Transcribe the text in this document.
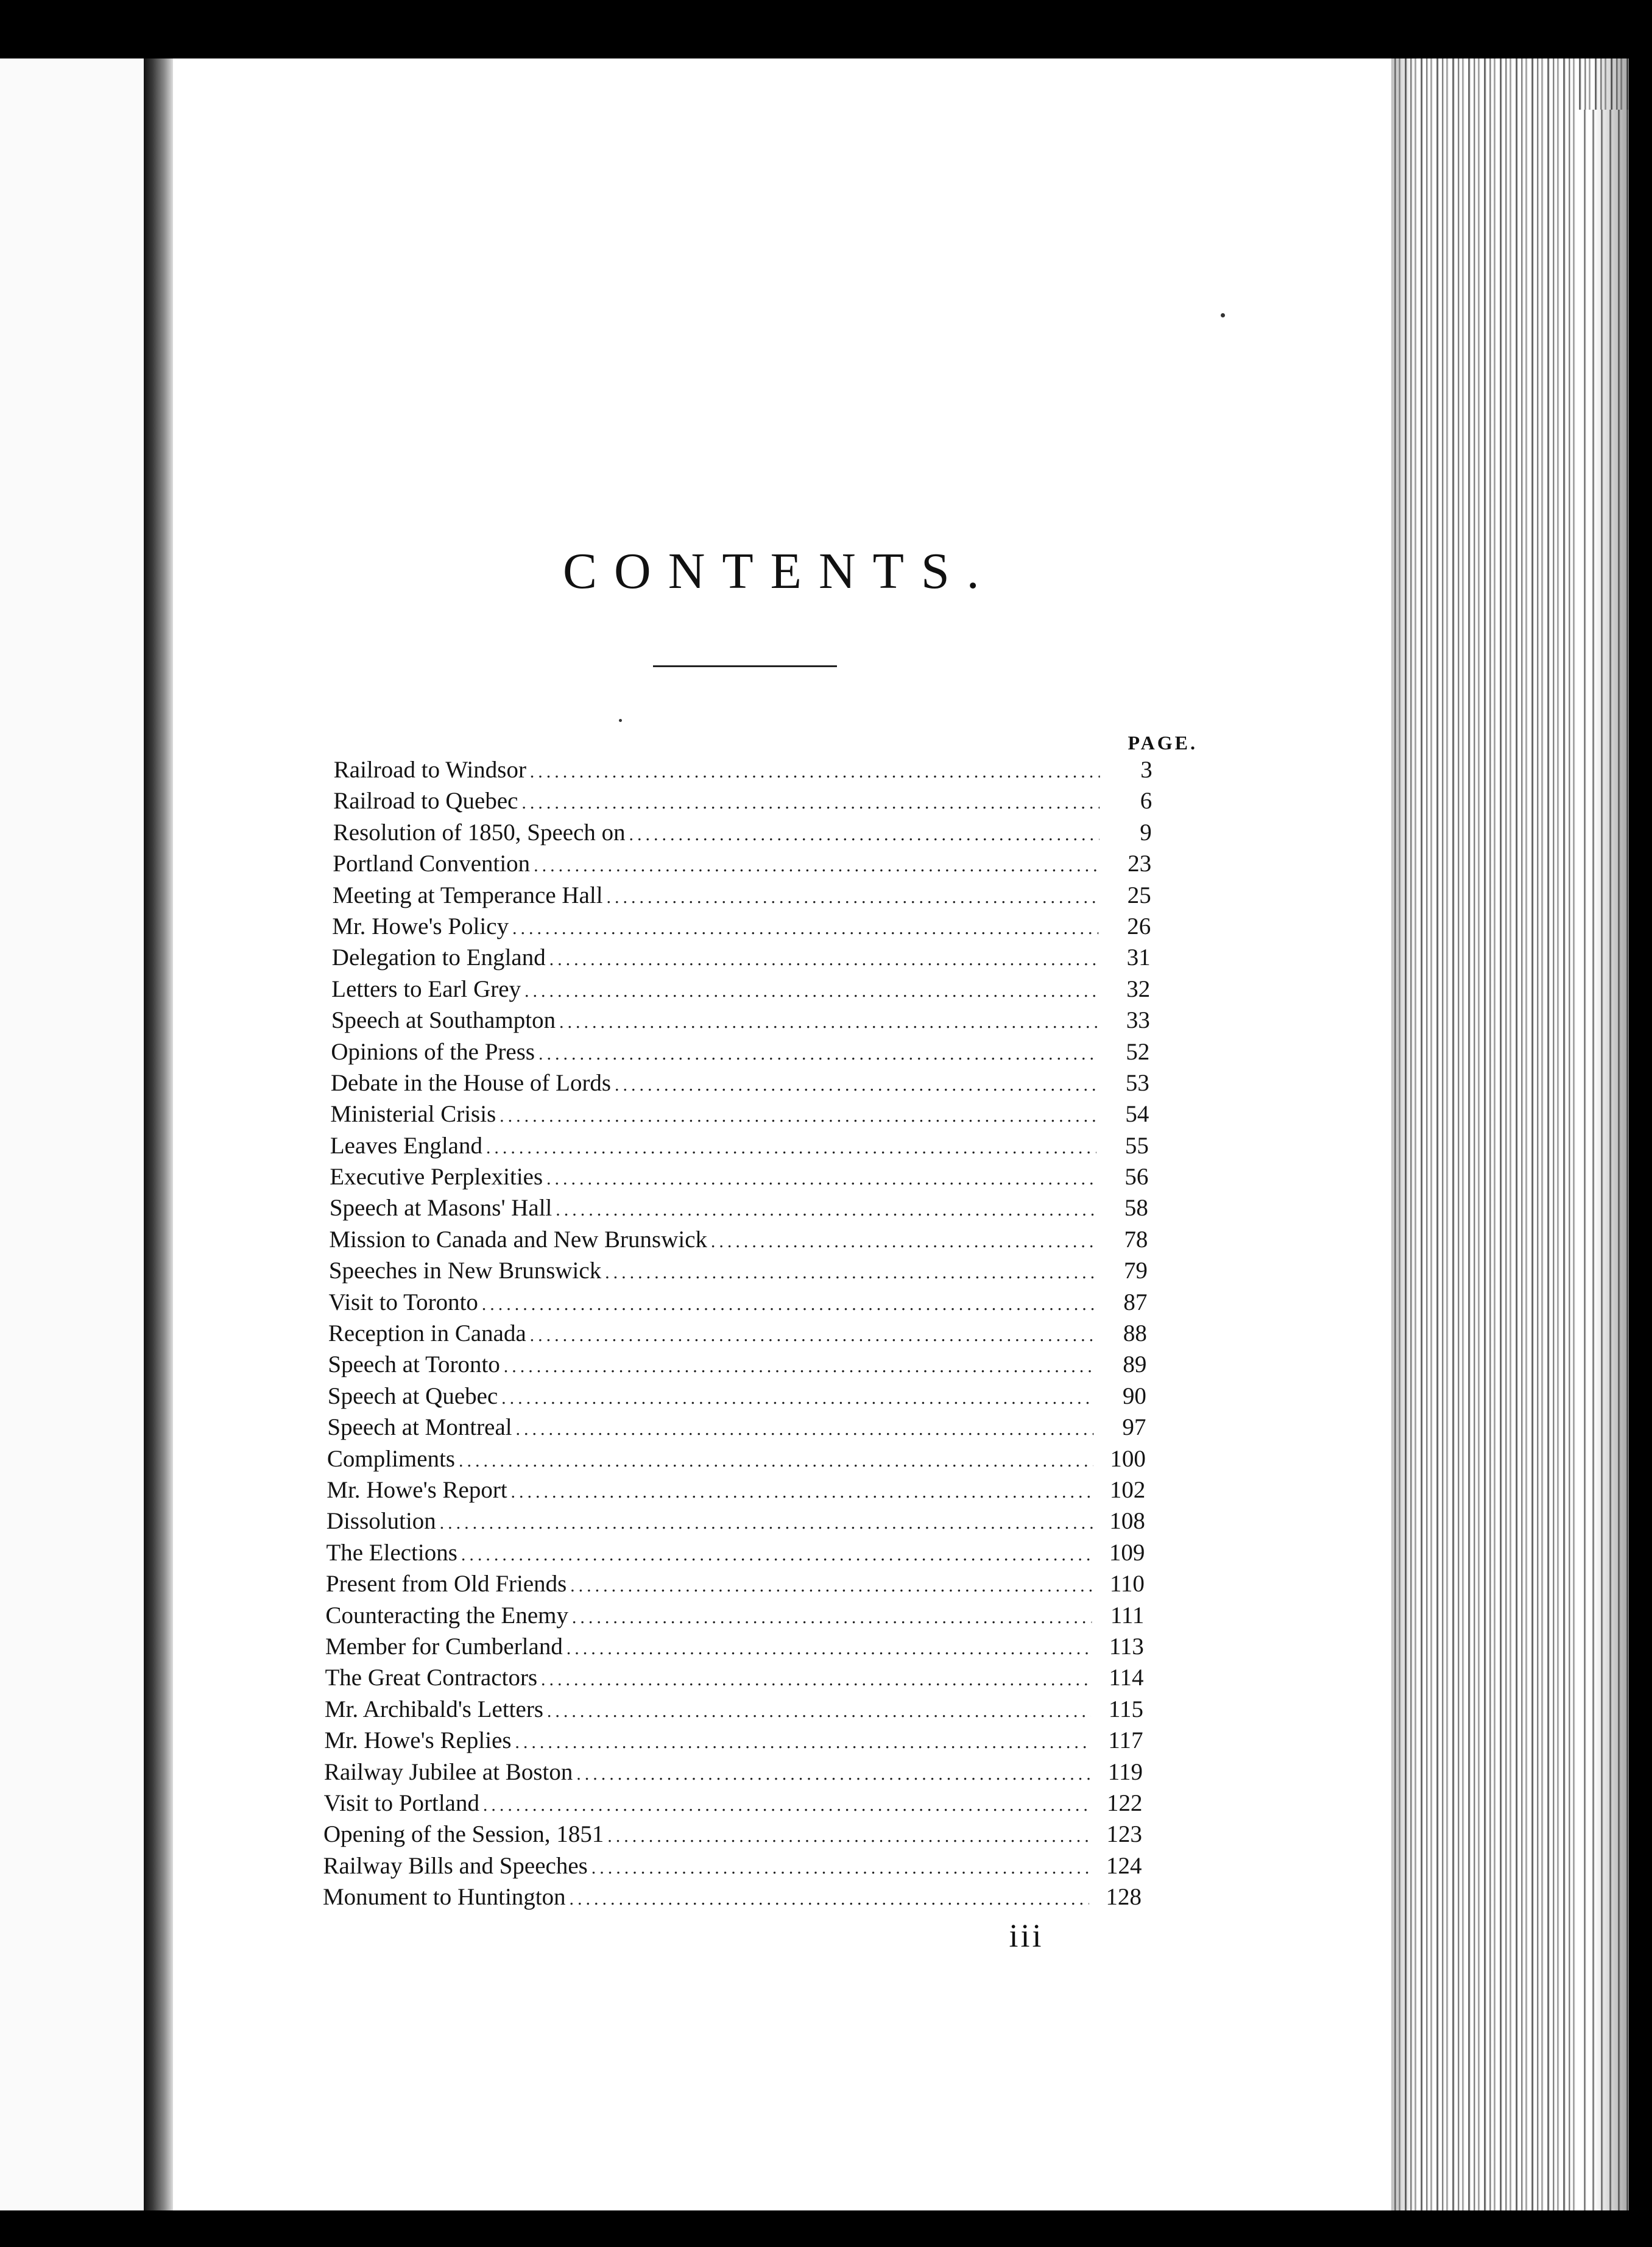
CONTENTS.
PAGE.
Railroad to Windsor .....	3
Railroad to Quebec .....	6
Resolution of 1850, Speech on .....	9
Portland Convention .....	23
Meeting at Temperance Hall .....	25
Mr. Howe's Policy .....	26
Delegation to England .....	31
Letters to Earl Grey .....	32
Speech at Southampton .....	33
Opinions of the Press .....	52
Debate in the House of Lords .....	53
Ministerial Crisis .....	54
Leaves England .....	55
Executive Perplexities .....	56
Speech at Masons' Hall .....	58
Mission to Canada and New Brunswick .....	78
Speeches in New Brunswick .....	79
Visit to Toronto .....	87
Reception in Canada .....	88
Speech at Toronto .....	89
Speech at Quebec .....	90
Speech at Montreal .....	97
Compliments .....	100
Mr. Howe's Report .....	102
Dissolution .....	108
The Elections .....	109
Present from Old Friends .....	110
Counteracting the Enemy .....	111
Member for Cumberland .....	113
The Great Contractors .....	114
Mr. Archibald's Letters .....	115
Mr. Howe's Replies .....	117
Railway Jubilee at Boston .....	119
Visit to Portland .....	122
Opening of the Session, 1851 .....	123
Railway Bills and Speeches .....	124
Monument to Huntington .....	128
iii
